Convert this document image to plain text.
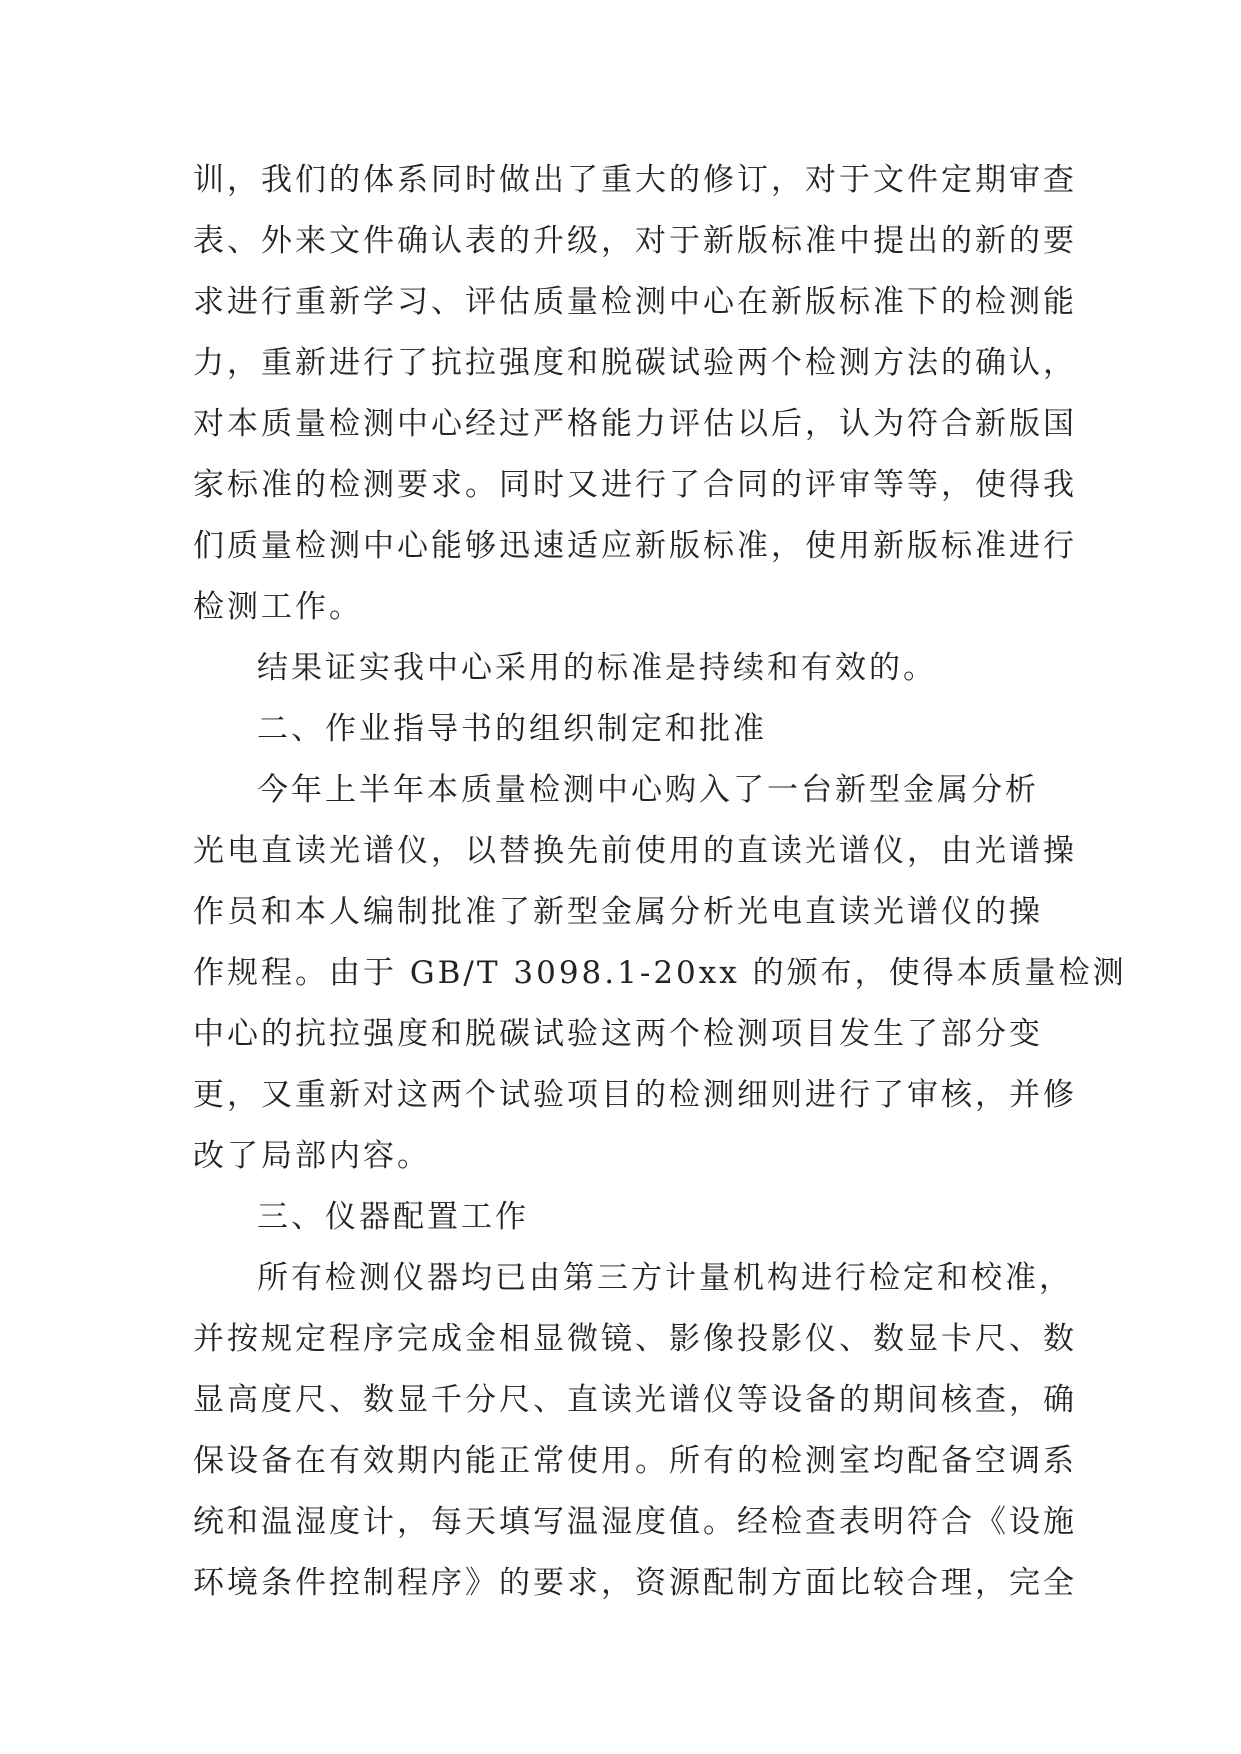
训，我们的体系同时做出了重大的修订，对于文件定期审查
表、外来文件确认表的升级，对于新版标准中提出的新的要
求进行重新学习、评估质量检测中心在新版标准下的检测能
力，重新进行了抗拉强度和脱碳试验两个检测方法的确认，
对本质量检测中心经过严格能力评估以后，认为符合新版国
家标准的检测要求。同时又进行了合同的评审等等，使得我
们质量检测中心能够迅速适应新版标准，使用新版标准进行
检测工作。
结果证实我中心采用的标准是持续和有效的。
二、作业指导书的组织制定和批准
今年上半年本质量检测中心购入了一台新型金属分析
光电直读光谱仪，以替换先前使用的直读光谱仪，由光谱操
作员和本人编制批准了新型金属分析光电直读光谱仪的操
作规程。由于 GB/T 3098.1-20xx 的颁布，使得本质量检测
中心的抗拉强度和脱碳试验这两个检测项目发生了部分变
更，又重新对这两个试验项目的检测细则进行了审核，并修
改了局部内容。
三、仪器配置工作
所有检测仪器均已由第三方计量机构进行检定和校准，
并按规定程序完成金相显微镜、影像投影仪、数显卡尺、数
显高度尺、数显千分尺、直读光谱仪等设备的期间核查，确
保设备在有效期内能正常使用。所有的检测室均配备空调系
统和温湿度计，每天填写温湿度值。经检查表明符合《设施
环境条件控制程序》的要求，资源配制方面比较合理，完全
